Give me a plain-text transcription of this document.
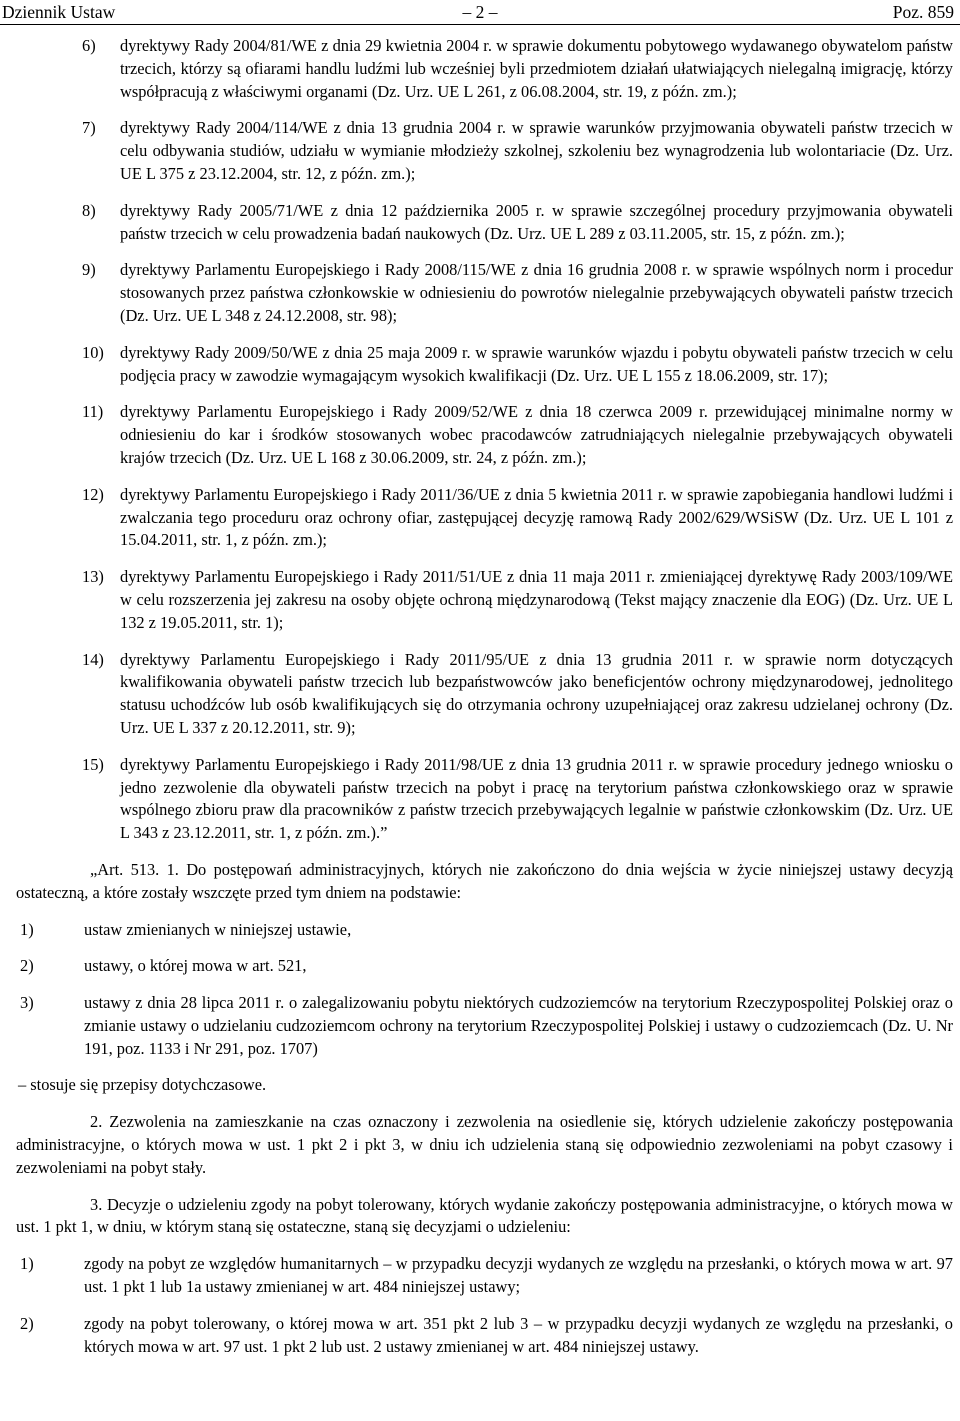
Dziennik Ustaw	– 2 –	Poz. 859
6) dyrektywy Rady 2004/81/WE z dnia 29 kwietnia 2004 r. w sprawie dokumentu pobytowego wydawanego obywatelom państw trzecich, którzy są ofiarami handlu ludźmi lub wcześniej byli przedmiotem działań ułatwiających nielegalną imigrację, którzy współpracują z właściwymi organami (Dz. Urz. UE L 261, z 06.08.2004, str. 19, z późn. zm.);
7) dyrektywy Rady 2004/114/WE z dnia 13 grudnia 2004 r. w sprawie warunków przyjmowania obywateli państw trzecich w celu odbywania studiów, udziału w wymianie młodzieży szkolnej, szkoleniu bez wynagrodzenia lub wolontariacie (Dz. Urz. UE L 375 z 23.12.2004, str. 12, z późn. zm.);
8) dyrektywy Rady 2005/71/WE z dnia 12 października 2005 r. w sprawie szczególnej procedury przyjmowania obywateli państw trzecich w celu prowadzenia badań naukowych (Dz. Urz. UE L 289 z 03.11.2005, str. 15, z późn. zm.);
9) dyrektywy Parlamentu Europejskiego i Rady 2008/115/WE z dnia 16 grudnia 2008 r. w sprawie wspólnych norm i procedur stosowanych przez państwa członkowskie w odniesieniu do powrotów nielegalnie przebywających obywateli państw trzecich (Dz. Urz. UE L 348 z 24.12.2008, str. 98);
10) dyrektywy Rady 2009/50/WE z dnia 25 maja 2009 r. w sprawie warunków wjazdu i pobytu obywateli państw trzecich w celu podjęcia pracy w zawodzie wymagającym wysokich kwalifikacji (Dz. Urz. UE L 155 z 18.06.2009, str. 17);
11) dyrektywy Parlamentu Europejskiego i Rady 2009/52/WE z dnia 18 czerwca 2009 r. przewidującej minimalne normy w odniesieniu do kar i środków stosowanych wobec pracodawców zatrudniających nielegalnie przebywających obywateli krajów trzecich (Dz. Urz. UE L 168 z 30.06.2009, str. 24, z późn. zm.);
12) dyrektywy Parlamentu Europejskiego i Rady 2011/36/UE z dnia 5 kwietnia 2011 r. w sprawie zapobiegania handlowi ludźmi i zwalczania tego proceduru oraz ochrony ofiar, zastępującej decyzję ramową Rady 2002/629/WSiSW (Dz. Urz. UE L 101 z 15.04.2011, str. 1, z późn. zm.);
13) dyrektywy Parlamentu Europejskiego i Rady 2011/51/UE z dnia 11 maja 2011 r. zmieniającej dyrektywę Rady 2003/109/WE w celu rozszerzenia jej zakresu na osoby objęte ochroną międzynarodową (Tekst mający znaczenie dla EOG) (Dz. Urz. UE L 132 z 19.05.2011, str. 1);
14) dyrektywy Parlamentu Europejskiego i Rady 2011/95/UE z dnia 13 grudnia 2011 r. w sprawie norm dotyczących kwalifikowania obywateli państw trzecich lub bezpaństwowców jako beneficjentów ochrony międzynarodowej, jednolitego statusu uchodźców lub osób kwalifikujących się do otrzymania ochrony uzupełniającej oraz zakresu udzielanej ochrony (Dz. Urz. UE L 337 z 20.12.2011, str. 9);
15) dyrektywy Parlamentu Europejskiego i Rady 2011/98/UE z dnia 13 grudnia 2011 r. w sprawie procedury jednego wniosku o jedno zezwolenie dla obywateli państw trzecich na pobyt i pracę na terytorium państwa członkowskiego oraz w sprawie wspólnego zbioru praw dla pracowników z państw trzecich przebywających legalnie w państwie członkowskim (Dz. Urz. UE L 343 z 23.12.2011, str. 1, z późn. zm.).”
„Art. 513. 1. Do postępowań administracyjnych, których nie zakończono do dnia wejścia w życie niniejszej ustawy decyzją ostateczną, a które zostały wszczęte przed tym dniem na podstawie:
1)	ustaw zmienianych w niniejszej ustawie,
2)	ustawy, o której mowa w art. 521,
3)	ustawy z dnia 28 lipca 2011 r. o zalegalizowaniu pobytu niektórych cudzoziemców na terytorium Rzeczypospolitej Polskiej oraz o zmianie ustawy o udzielaniu cudzoziemcom ochrony na terytorium Rzeczypospolitej Polskiej i ustawy o cudzoziemcach (Dz. U. Nr 191, poz. 1133 i Nr 291, poz. 1707)
– stosuje się przepisy dotychczasowe.
2. Zezwolenia na zamieszkanie na czas oznaczony i zezwolenia na osiedlenie się, których udzielenie zakończy postępowania administracyjne, o których mowa w ust. 1 pkt 2 i pkt 3, w dniu ich udzielenia staną się odpowiednio zezwoleniami na pobyt czasowy i zezwoleniami na pobyt stały.
3. Decyzje o udzieleniu zgody na pobyt tolerowany, których wydanie zakończy postępowania administracyjne, o których mowa w ust. 1 pkt 1, w dniu, w którym staną się ostateczne, staną się decyzjami o udzieleniu:
1)	zgody na pobyt ze względów humanitarnych – w przypadku decyzji wydanych ze względu na przesłanki, o których mowa w art. 97 ust. 1 pkt 1 lub 1a ustawy zmienianej w art. 484 niniejszej ustawy;
2)	zgody na pobyt tolerowany, o której mowa w art. 351 pkt 2 lub 3 – w przypadku decyzji wydanych ze względu na przesłanki, o których mowa w art. 97 ust. 1 pkt 2 lub ust. 2 ustawy zmienianej w art. 484 niniejszej ustawy.
